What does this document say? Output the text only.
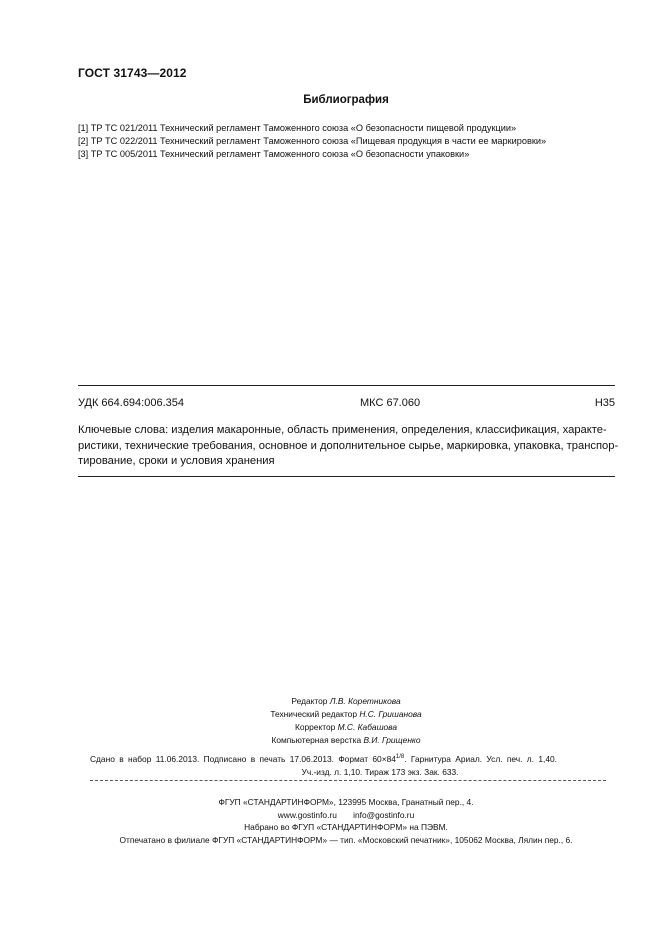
ГОСТ 31743—2012
Библиография
[1] ТР ТС 021/2011 Технический регламент Таможенного союза «О безопасности пищевой продукции»
[2] ТР ТС 022/2011 Технический регламент Таможенного союза «Пищевая продукция в части ее маркировки»
[3] ТР ТС 005/2011 Технический регламент Таможенного союза «О безопасности упаковки»
УДК 664.694:006.354	МКС 67.060	Н35
Ключевые слова: изделия макаронные, область применения, определения, классификация, характе-
ристики, технические требования, основное и дополнительное сырье, маркировка, упаковка, транспор-
тирование, сроки и условия хранения
Редактор Л.В. Коретникова
Технический редактор Н.С. Гришанова
Корректор М.С. Кабашова
Компьютерная верстка В.И. Грищенко
Сдано в набор 11.06.2013. Подписано в печать 17.06.2013. Формат $60\times 84^{1/8}$. Гарнитура Ариал. Усл. печ. л. 1,40.
Уч.-изд. л. 1,10. Тираж 173 экз. Зак. 633.
ФГУП «СТАНДАРТИНФОРМ», 123995 Москва, Гранатный пер., 4.
www.gostinfo.ru       info@gostinfo.ru
Набрано во ФГУП «СТАНДАРТИНФОРМ» на ПЭВМ.
Отпечатано в филиале ФГУП «СТАНДАРТИНФОРМ» — тип. «Московский печатник», 105062 Москва, Лялин пер., 6.
